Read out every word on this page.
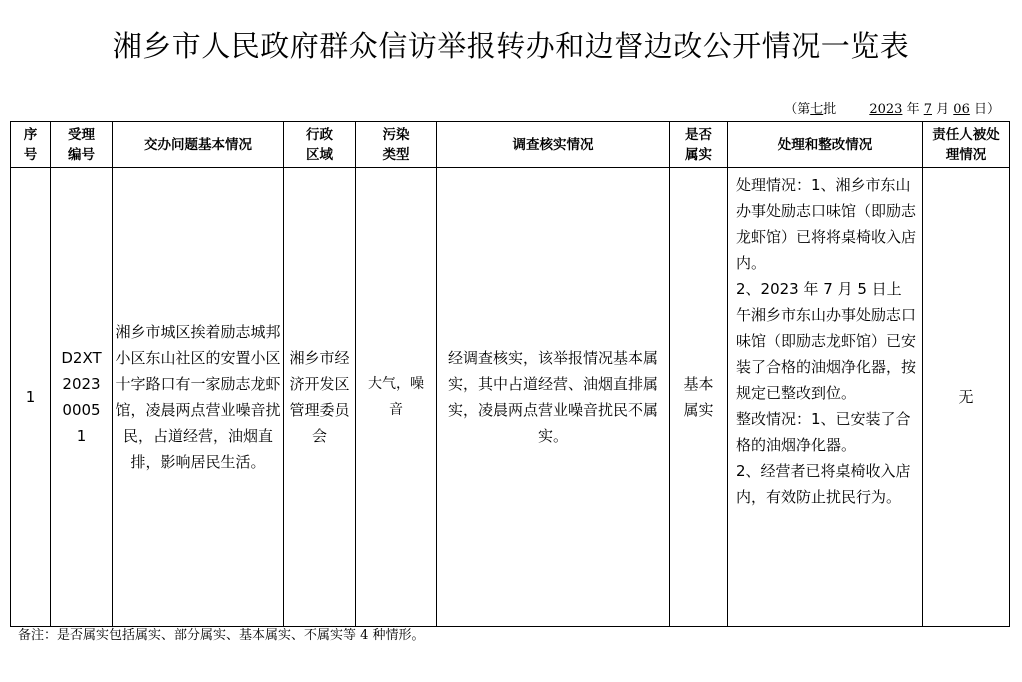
湘乡市人民政府群众信访举报转办和边督边改公开情况一览表
（第七批	2023 年 7 月 06 日）
序号	受理编号	交办问题基本情况	行政区域	污染类型	调查核实情况	是否属实	处理和整改情况	责任人被处理情况

1	D2XT202300051	湘乡市城区挨着励志城邦小区东山社区的安置小区十字路口有一家励志龙虾馆，凌晨两点营业噪音扰民，占道经营，油烟直排，影响居民生活。	湘乡市经济开发区管理委员会	大气，噪音	经调查核实，该举报情况基本属实，其中占道经营、油烟直排属实，凌晨两点营业噪音扰民不属实。	基本属实	处理情况：1、湘乡市东山办事处励志口味馆（即励志龙虾馆）已将将桌椅收入店内。
2、2023 年 7 月 5 日上午湘乡市东山办事处励志口味馆（即励志龙虾馆）已安装了合格的油烟净化器，按规定已整改到位。
整改情况：1、已安装了合格的油烟净化器。
2、经营者已将桌椅收入店内，有效防止扰民行为。	无
备注：是否属实包括属实、部分属实、基本属实、不属实等 4 种情形。
